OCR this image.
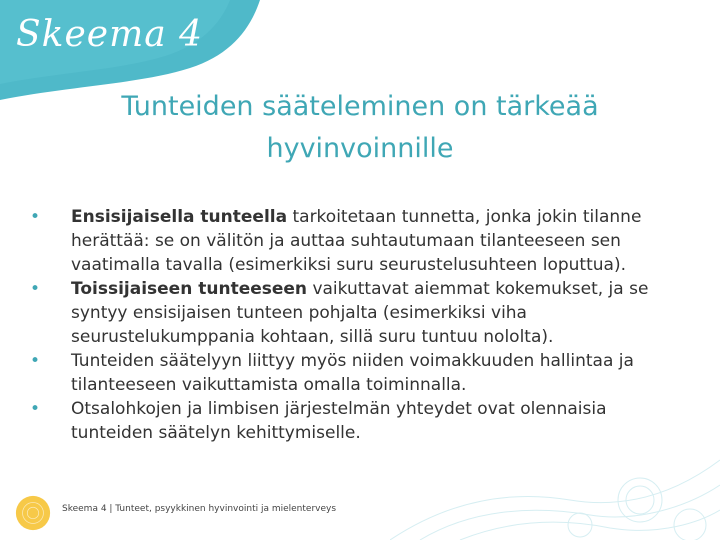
Skeema 4
Tunteiden sääteleminen on tärkeää hyvinvoinnille
• Ensisijaisella tunteella tarkoitetaan tunnetta, jonka jokin tilanne herättää: se on välitön ja auttaa suhtautumaan tilanteeseen sen vaatimalla tavalla (esimerkiksi suru seurustelusuhteen loputtua).
• Toissijaiseen tunteeseen vaikuttavat aiemmat kokemukset, ja se syntyy ensisijaisen tunteen pohjalta (esimerkiksi viha seurustelukumppania kohtaan, sillä suru tuntuu nololta).
• Tunteiden säätelyyn liittyy myös niiden voimakkuuden hallintaa ja tilanteeseen vaikuttamista omalla toiminnalla.
• Otsalohkojen ja limbisen järjestelmän yhteydet ovat olennaisia tunteiden säätelyn kehittymiselle.
Skeema 4 | Tunteet, psyykkinen hyvinvointi ja mielenterveys
